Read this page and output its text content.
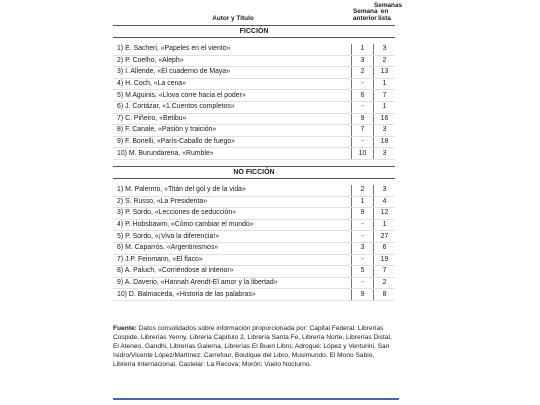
Autor y Título
Semana anterior
Semanas en lista
FICCIÓN
1) E. Sacheri, «Papeles en el viento»	1	3
2) P. Coelho, «Aleph»	3	2
3) I. Allende, «El cuaderno de Maya»	2	13
4) H. Coch, «La cena»	-	1
5) M Aguinis, «Llova corre hacia el poder»	6	7
6) J. Cortázar, «1.Cuentos completos»	-	1
7) C. Piñeiro, «Betibu»	9	16
8) F. Canale, «Pasión y traición»	7	3
9) F. Bonelli, «París-Caballo de fuego»	-	18
10) M. Burundarena, «Rumble»	10	3
NO FICCIÓN
1) M. Palermo, «Titán del gol y de la vida»	2	3
2) S. Russo, «La Presidenta»	1	4
3) P. Sordo, «Lecciones de seducción»	9	12
4) P. Hobsbawm, «Cómo cambiar el mundo»	-	1
5) P. Sordo, «¡Viva la diferencia!»	-	27
6) M. Caparrós, «Argentinismos»	3	6
7) J.P. Feinmann, «El flaco»	-	19
8) A. Paluch, «Corriéndose al interior»	5	7
9) A. Daverio, «Hannah Arendt-El amor y la libertad»	-	2
10) D. Balmaceda, «Historia de las palabras»	9	8
Fuente: Datos consolidados sobre información proporcionada por: Capital Federal: Librerías Cúspide, Librerías Yenny, Librería Capítulo 2, Librería Santa Fe, Librería Norte, Librerías Distal, El Ateneo, Gandhi, Librerías Galerna, Librerías El Buen Libro; Adrogué: López y Venturini, San Isidro/Vicente López/Martínez: Carrefour, Boutique del Libro, Musimundo, El Mono Sabio, Librería Internacional, Castelar: La Recova; Morón: Vuelo Nocturno.
